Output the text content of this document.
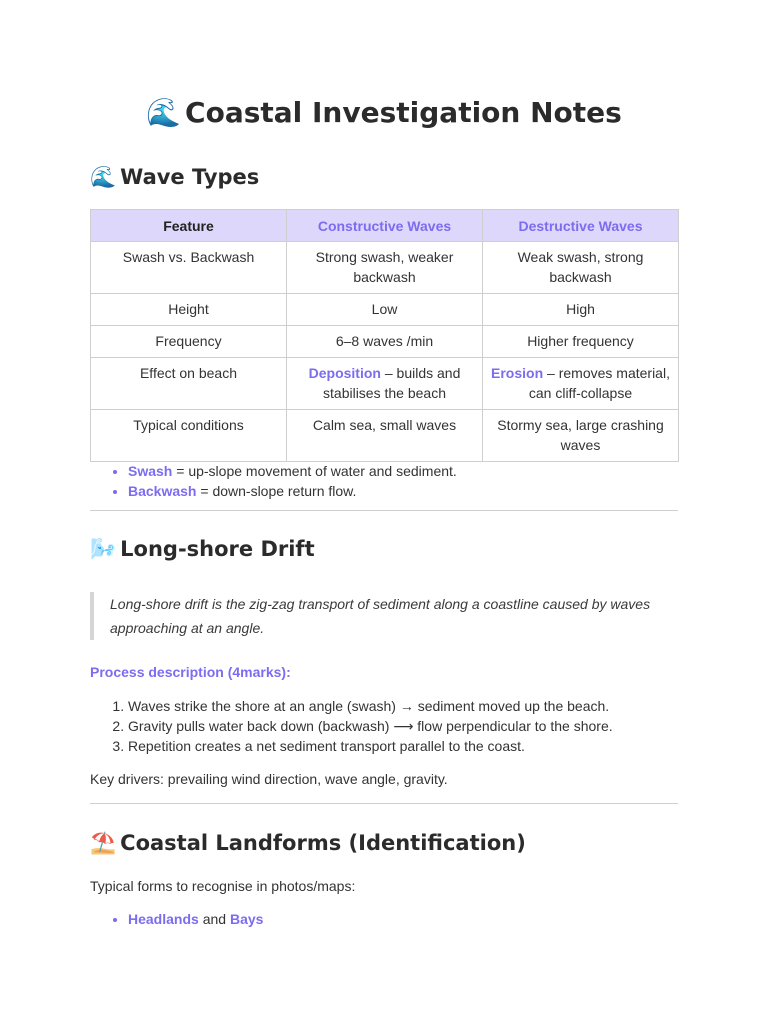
🌊 Coastal Investigation Notes
🌊 Wave Types
Feature	Constructive Waves	Destructive Waves
Swash vs. Backwash	Strong swash, weaker backwash	Weak swash, strong backwash
Height	Low	High
Frequency	6–8 waves /min	Higher frequency
Effect on beach	Deposition – builds and stabilises the beach	Erosion – removes material, can cliff-collapse
Typical conditions	Calm sea, small waves	Stormy sea, large crashing waves
• Swash = up-slope movement of water and sediment.
• Backwash = down-slope return flow.
🌬️ Long-shore Drift
Long-shore drift is the zig-zag transport of sediment along a coastline caused by waves approaching at an angle.
Process description (4marks):
1. Waves strike the shore at an angle (swash) → sediment moved up the beach.
2. Gravity pulls water back down (backwash) ⟶ flow perpendicular to the shore.
3. Repetition creates a net sediment transport parallel to the coast.
Key drivers: prevailing wind direction, wave angle, gravity.
⛱️ Coastal Landforms (Identification)
Typical forms to recognise in photos/maps:
• Headlands and Bays
